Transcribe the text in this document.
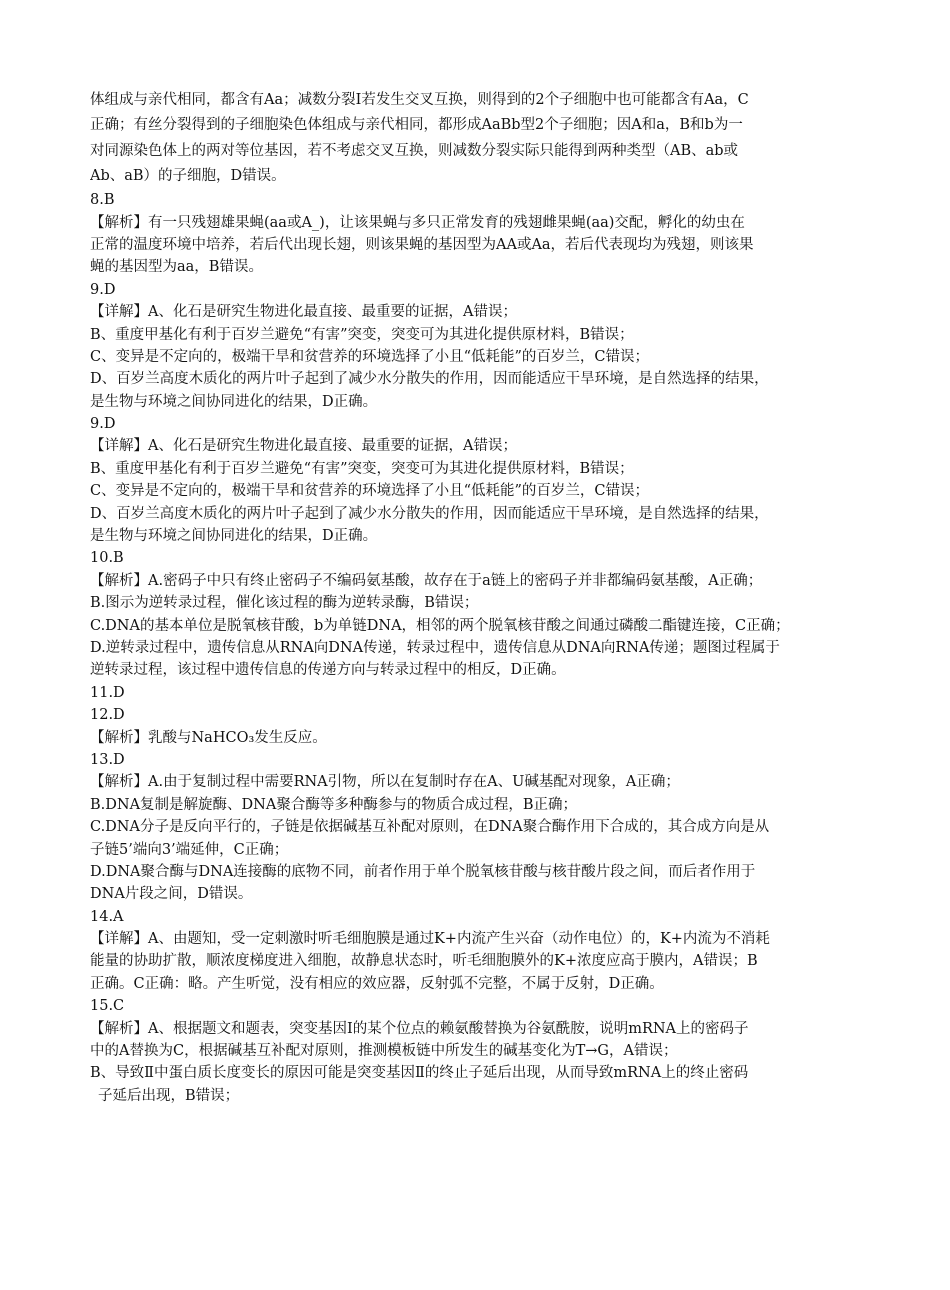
体组成与亲代相同，都含有Aa；减数分裂Ⅰ若发生交叉互换，则得到的2个子细胞中也可能都含有Aa，C
正确；有丝分裂得到的子细胞染色体组成与亲代相同，都形成AaBb型2个子细胞；因A和a，B和b为一
对同源染色体上的两对等位基因，若不考虑交叉互换，则减数分裂实际只能得到两种类型（AB、ab或
Ab、aB）的子细胞，D错误。
8.B
【解析】有一只残翅雄果蝇(aa或A_)，让该果蝇与多只正常发育的残翅雌果蝇(aa)交配，孵化的幼虫在
正常的温度环境中培养，若后代出现长翅，则该果蝇的基因型为AA或Aa，若后代表现均为残翅，则该果
蝇的基因型为aa，B错误。
9.D
【详解】A、化石是研究生物进化最直接、最重要的证据，A错误；
B、重度甲基化有利于百岁兰避免“有害”突变，突变可为其进化提供原材料，B错误；
C、变异是不定向的，极端干旱和贫营养的环境选择了小且“低耗能”的百岁兰，C错误；
D、百岁兰高度木质化的两片叶子起到了减少水分散失的作用，因而能适应干旱环境，是自然选择的结果，
是生物与环境之间协同进化的结果，D正确。
9.D
【详解】A、化石是研究生物进化最直接、最重要的证据，A错误；
B、重度甲基化有利于百岁兰避免“有害”突变，突变可为其进化提供原材料，B错误；
C、变异是不定向的，极端干旱和贫营养的环境选择了小且“低耗能”的百岁兰，C错误；
D、百岁兰高度木质化的两片叶子起到了减少水分散失的作用，因而能适应干旱环境，是自然选择的结果，
是生物与环境之间协同进化的结果，D正确。
10.B
【解析】A.密码子中只有终止密码子不编码氨基酸，故存在于a链上的密码子并非都编码氨基酸，A正确；
B.图示为逆转录过程，催化该过程的酶为逆转录酶，B错误；
C.DNA的基本单位是脱氧核苷酸，b为单链DNA，相邻的两个脱氧核苷酸之间通过磷酸二酯键连接，C正确；
D.逆转录过程中，遗传信息从RNA向DNA传递，转录过程中，遗传信息从DNA向RNA传递；题图过程属于
逆转录过程，该过程中遗传信息的传递方向与转录过程中的相反，D正确。
11.D
12.D
【解析】乳酸与NaHCO₃发生反应。
13.D
【解析】A.由于复制过程中需要RNA引物，所以在复制时存在A、U碱基配对现象，A正确；
B.DNA复制是解旋酶、DNA聚合酶等多种酶参与的物质合成过程，B正确；
C.DNA分子是反向平行的，子链是依据碱基互补配对原则，在DNA聚合酶作用下合成的，其合成方向是从
子链5’端向3’端延伸，C正确；
D.DNA聚合酶与DNA连接酶的底物不同，前者作用于单个脱氧核苷酸与核苷酸片段之间，而后者作用于
DNA片段之间，D错误。
14.A
【详解】A、由题知，受一定刺激时听毛细胞膜是通过K+内流产生兴奋（动作电位）的，K+内流为不消耗
能量的协助扩散，顺浓度梯度进入细胞，故静息状态时，听毛细胞膜外的K+浓度应高于膜内，A错误；B
正确。C正确：略。产生听觉，没有相应的效应器，反射弧不完整，不属于反射，D正确。
15.C
【解析】A、根据题文和题表，突变基因Ⅰ的某个位点的赖氨酸替换为谷氨酰胺，说明mRNA上的密码子
中的A替换为C，根据碱基互补配对原则，推测模板链中所发生的碱基变化为T→G，A错误；
B、导致Ⅱ中蛋白质长度变长的原因可能是突变基因Ⅱ的终止子延后出现，从而导致mRNA上的终止密码
子延后出现，B错误；
